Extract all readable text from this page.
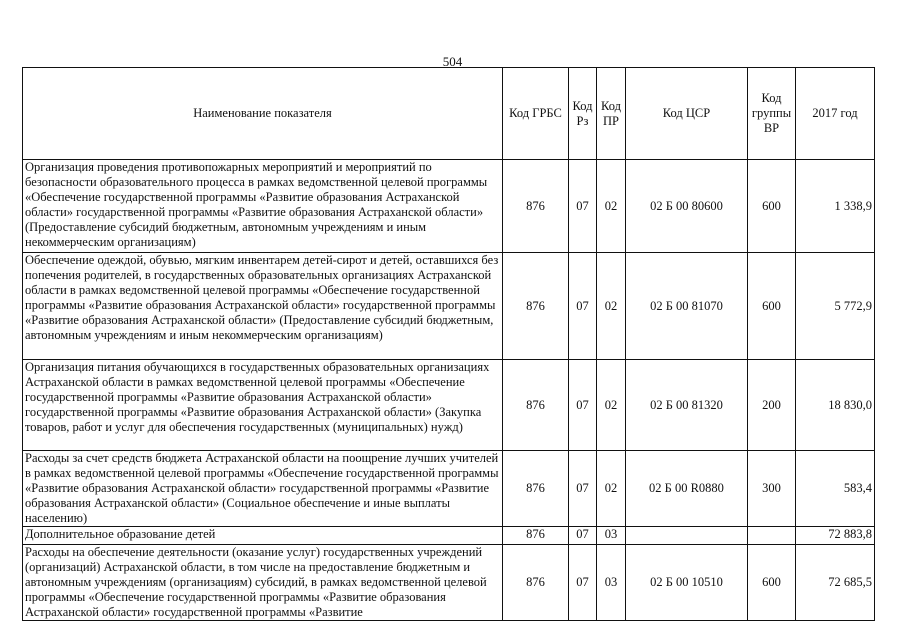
504
Наименование показателя	Код ГРБС	Код Рз	Код ПР	Код ЦСР	Код группы ВР	2017 год
Организация проведения противопожарных мероприятий и мероприятий по безопасности образовательного процесса в рамках ведомственной целевой программы «Обеспечение государственной программы «Развитие образования Астраханской области» государственной программы «Развитие образования Астраханской области» (Предоставление субсидий бюджетным, автономным учреждениям и иным некоммерческим организациям)	876	07	02	02 Б 00 80600	600	1 338,9
Обеспечение одеждой, обувью, мягким инвентарем детей-сирот и детей, оставшихся без попечения родителей, в государственных образовательных организациях Астраханской области в рамках ведомственной целевой программы «Обеспечение государственной программы «Развитие образования Астраханской области» государственной программы «Развитие образования Астраханской области» (Предоставление субсидий бюджетным, автономным учреждениям и иным некоммерческим организациям)	876	07	02	02 Б 00 81070	600	5 772,9
Организация питания обучающихся в государственных образовательных организациях Астраханской области в рамках ведомственной целевой программы «Обеспечение государственной программы «Развитие образования Астраханской области» государственной программы «Развитие образования Астраханской области» (Закупка товаров, работ и услуг для обеспечения государственных (муниципальных) нужд)	876	07	02	02 Б 00 81320	200	18 830,0
Расходы за счет средств бюджета Астраханской области на поощрение лучших учителей в рамках ведомственной целевой программы «Обеспечение государственной программы «Развитие образования Астраханской области» государственной программы «Развитие образования Астраханской области» (Социальное обеспечение и иные выплаты населению)	876	07	02	02 Б 00 R0880	300	583,4
Дополнительное образование детей	876	07	03			72 883,8
Расходы на обеспечение деятельности (оказание услуг) государственных учреждений (организаций) Астраханской области, в том числе на предоставление бюджетным и автономным учреждениям (организациям) субсидий, в рамках ведомственной целевой программы «Обеспечение государственной программы «Развитие образования Астраханской области» государственной программы «Развитие	876	07	03	02 Б 00 10510	600	72 685,5
